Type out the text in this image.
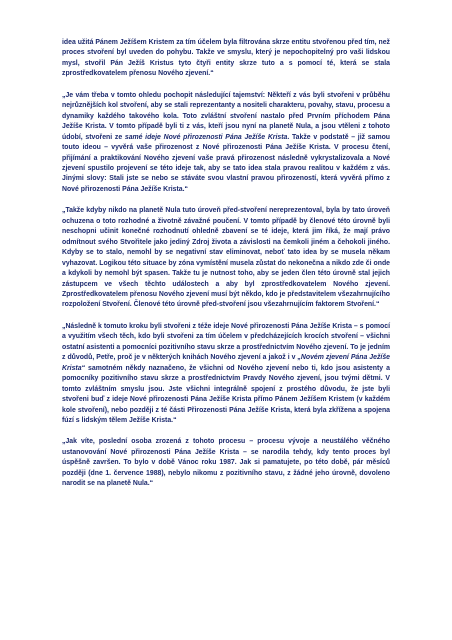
idea užitá Pánem Ježíšem Kristem za tím účelem byla filtrována skrze entitu stvořenou před tím, než proces stvoření byl uveden do pohybu. Takže ve smyslu, který je nepochopitelný pro vaši lidskou mysl, stvořil Pán Ježíš Kristus tyto čtyři entity skrze tuto a s pomocí té, která se stala zprostředkovatelem přenosu Nového zjevení.“

„Je vám třeba v tomto ohledu pochopit následující tajemství: Někteří z vás byli stvořeni v průběhu nejrůznějších kol stvoření, aby se stali reprezentanty a nositeli charakteru, povahy, stavu, procesu a dynamiky každého takového kola. Toto zvláštní stvoření nastalo před Prvním příchodem Pána Ježíše Krista. V tomto případě byli ti z vás, kteří jsou nyní na planetě Nula, a jsou vtěleni z tohoto údobí, stvořeni ze samé ideje Nové přirozenosti Pána Ježíše Krista. Takže v podstatě – již samou touto ideou – vyvěrá vaše přirozenost z Nové přirozenosti Pána Ježíše Krista. V procesu čtení, přijímání a praktikování Nového zjevení vaše pravá přirozenost následně vykrystalizovala a Nové zjevení spustilo projevení se této ideje tak, aby se tato idea stala pravou realitou v každém z vás. Jinými slovy: Stali jste se nebo se stáváte svou vlastní pravou přirozeností, která vyvěrá přímo z Nové přirozenosti Pána Ježíše Krista.“

„Takže kdyby nikdo na planetě Nula tuto úroveň před-stvoření nereprezentoval, byla by tato úroveň ochuzena o toto rozhodné a životně závažné poučení. V tomto případě by členové této úrovně byli neschopni učinit konečné rozhodnutí ohledně zbavení se té ideje, která jim říká, že mají právo odmítnout svého Stvořitele jako jediný Zdroj života a závislosti na čemkoli jiném a čehokoli jiného. Kdyby se to stalo, nemohl by se negativní stav eliminovat, neboť tato idea by se musela někam vyhazovat. Logikou této situace by zóna vymístění musela zůstat do nekonečna a nikdo zde či onde a kdykoli by nemohl být spasen. Takže tu je nutnost toho, aby se jeden člen této úrovně stal jejich zástupcem ve všech těchto událostech a aby byl zprostředkovatelem Nového zjevení. Zprostředkovatelem přenosu Nového zjevení musí být někdo, kdo je představitelem všezahrnujícího rozpoložení Stvoření. Členové této úrovně před-stvoření jsou všezahrnujícím faktorem Stvoření.“

„Následně k tomuto kroku byli stvořeni z téže ideje Nové přirozenosti Pána Ježíše Krista – s pomocí a využitím všech těch, kdo byli stvořeni za tím účelem v předcházejících krocích stvoření – všichni ostatní asistenti a pomocníci pozitivního stavu skrze a prostřednictvím Nového zjevení. To je jedním z důvodů, Petře, proč je v některých knihách Nového zjevení a jakož i v „Novém zjevení Pána Ježíše Krista“ samotném někdy naznačeno, že všichni od Nového zjevení nebo ti, kdo jsou asistenty a pomocníky pozitivního stavu skrze a prostřednictvím Pravdy Nového zjevení, jsou tvými dětmi. V tomto zvláštním smyslu jsou. Jste všichni integrálně spojení z prostého důvodu, že jste byli stvořeni buď z ideje Nové přirozenosti Pána Ježíše Krista přímo Pánem Ježíšem Kristem (v každém kole stvoření), nebo později z té části Přirozenosti Pána Ježíše Krista, která byla zkřížena a spojena fúzí s lidským tělem Ježíše Krista.“

„Jak víte, poslední osoba zrozená z tohoto procesu – procesu vývoje a neustálého věčného ustanovování Nové přirozenosti Pána Ježíše Krista – se narodila tehdy, kdy tento proces byl úspěšně završen. To bylo v době Vánoc roku 1987. Jak si pamatujete, po této době, pár měsíců později (dne 1. července 1988), nebylo nikomu z pozitivního stavu, z žádné jeho úrovně, dovoleno narodit se na planetě Nula.“
